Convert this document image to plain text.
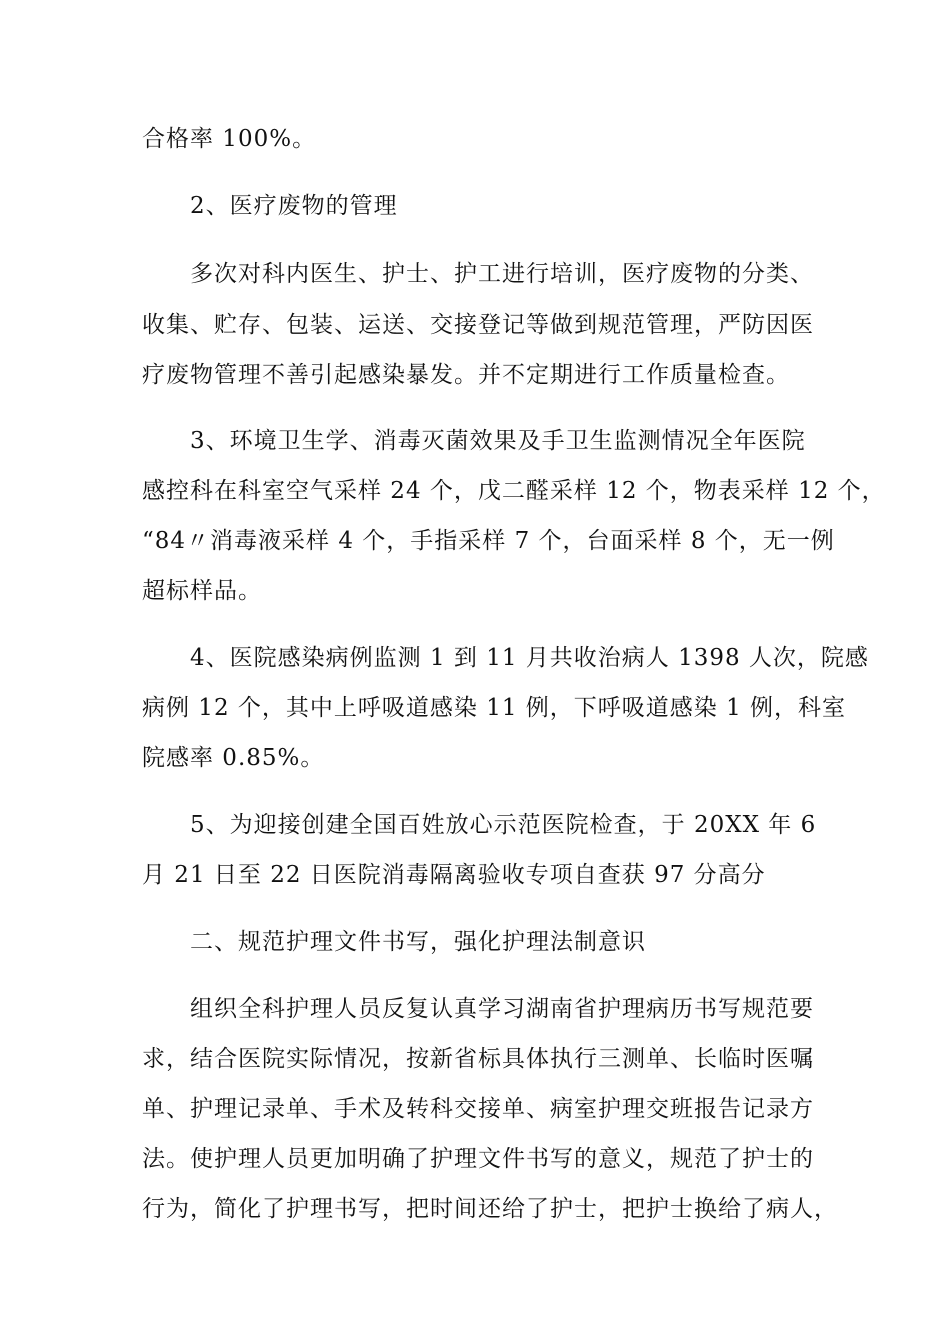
合格率 100%。
2、医疗废物的管理
多次对科内医生、护士、护工进行培训，医疗废物的分类、
收集、贮存、包装、运送、交接登记等做到规范管理，严防因医
疗废物管理不善引起感染暴发。并不定期进行工作质量检查。
3、环境卫生学、消毒灭菌效果及手卫生监测情况全年医院
感控科在科室空气采样 24 个，戊二醛采样 12 个，物表采样 12 个，
“84〃消毒液采样 4 个，手指采样 7 个，台面采样 8 个，无一例
超标样品。
4、医院感染病例监测 1 到 11 月共收治病人 1398 人次，院感
病例 12 个，其中上呼吸道感染 11 例，下呼吸道感染 1 例，科室
院感率 0.85%。
5、为迎接创建全国百姓放心示范医院检查，于 20XX 年 6
月 21 日至 22 日医院消毒隔离验收专项自查获 97 分高分
二、规范护理文件书写，强化护理法制意识
组织全科护理人员反复认真学习湖南省护理病历书写规范要
求，结合医院实际情况，按新省标具体执行三测单、长临时医嘱
单、护理记录单、手术及转科交接单、病室护理交班报告记录方
法。使护理人员更加明确了护理文件书写的意义，规范了护士的
行为，简化了护理书写，把时间还给了护士，把护士换给了病人，
